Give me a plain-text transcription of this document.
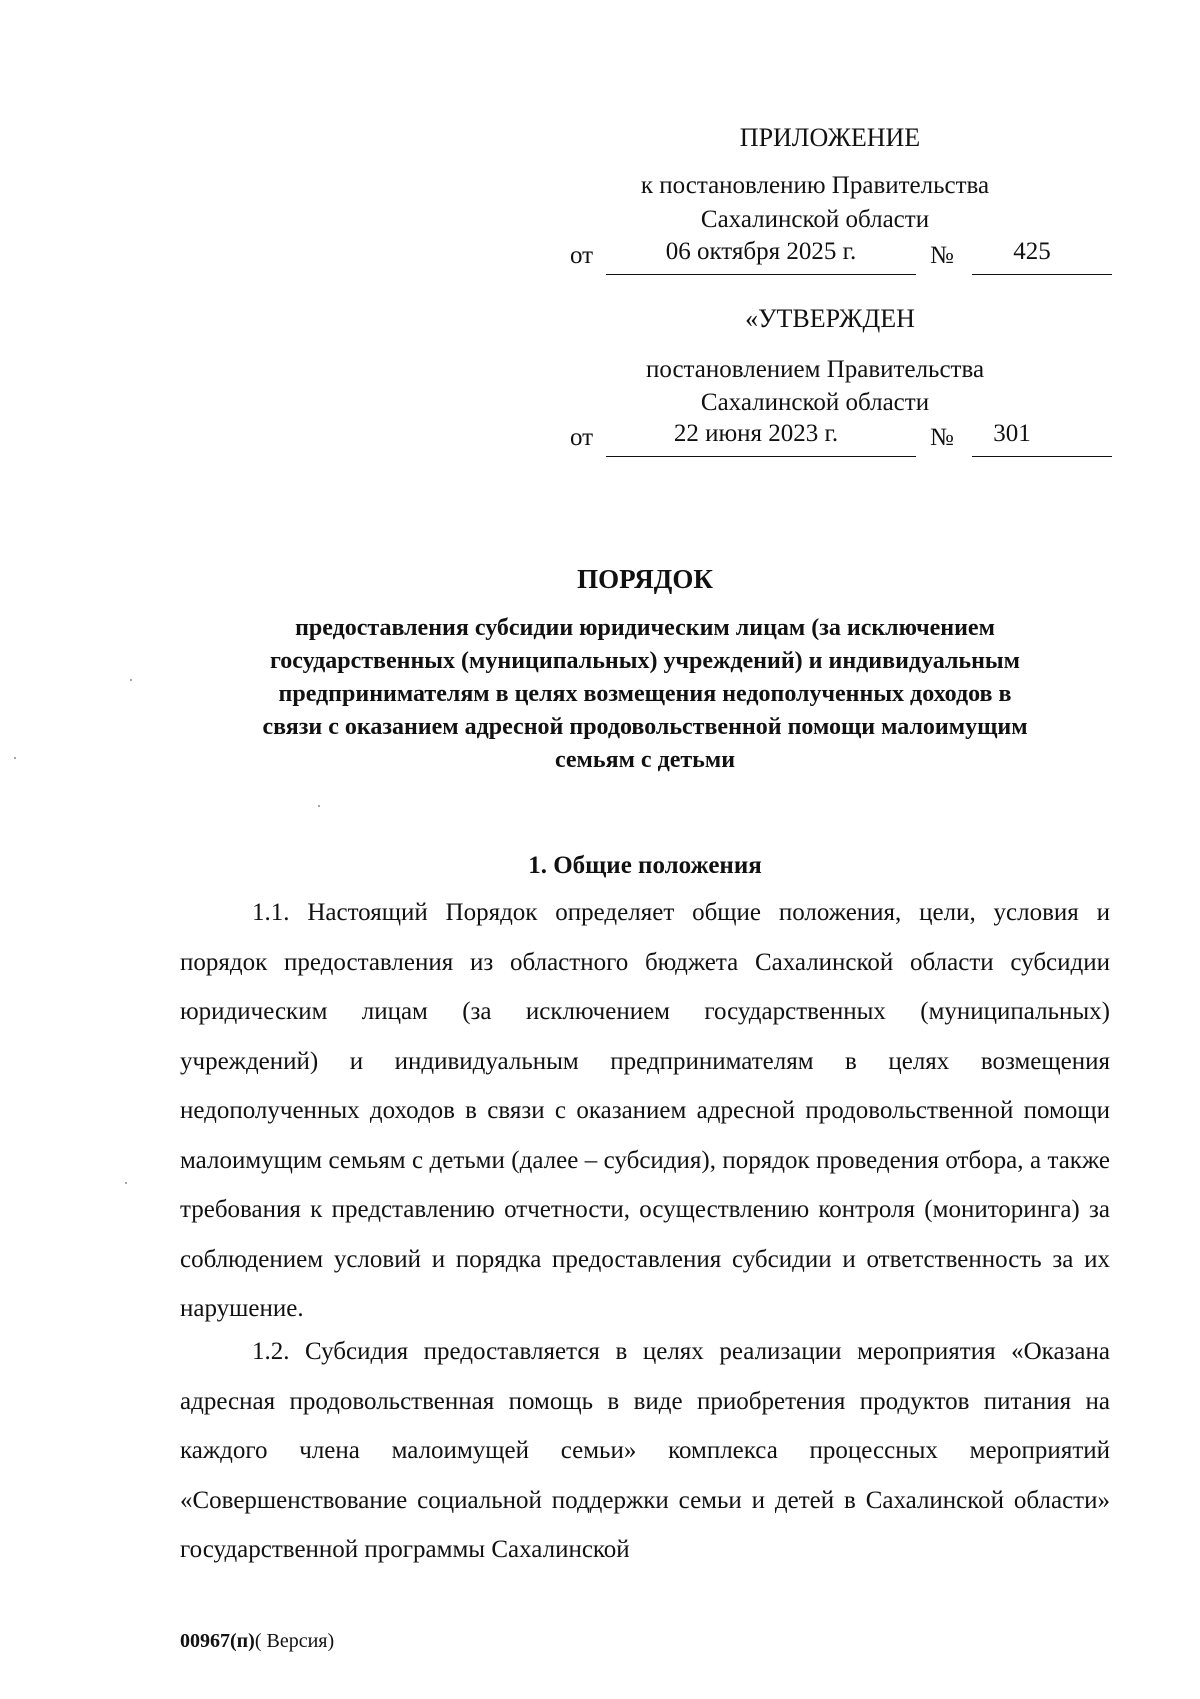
ПРИЛОЖЕНИЕ
к постановлению Правительства
Сахалинской области
от	06 октября 2025 г.	№	425
«УТВЕРЖДЕН
постановлением Правительства
Сахалинской области
от	22 июня 2023 г.	№	301
ПОРЯДОК
предоставления субсидии юридическим лицам (за исключением
государственных (муниципальных) учреждений) и индивидуальным
предпринимателям в целях возмещения недополученных доходов в
связи с оказанием адресной продовольственной помощи малоимущим
семьям с детьми
1. Общие положения
1.1. Настоящий Порядок определяет общие положения, цели, условия и порядок предоставления из областного бюджета Сахалинской области субсидии юридическим лицам (за исключением государственных (муниципальных) учреждений) и индивидуальным предпринимателям в целях возмещения недополученных доходов в связи с оказанием адресной продовольственной помощи малоимущим семьям с детьми (далее – субсидия), порядок проведения отбора, а также требования к представлению отчетности, осуществлению контроля (мониторинга) за соблюдением условий и порядка предоставления субсидии и ответственность за их нарушение.
1.2. Субсидия предоставляется в целях реализации мероприятия «Оказана адресная продовольственная помощь в виде приобретения продуктов питания на каждого члена малоимущей семьи» комплекса процессных мероприятий «Совершенствование социальной поддержки семьи и детей в Сахалинской области» государственной программы Сахалинской
00967(п)( Версия)
